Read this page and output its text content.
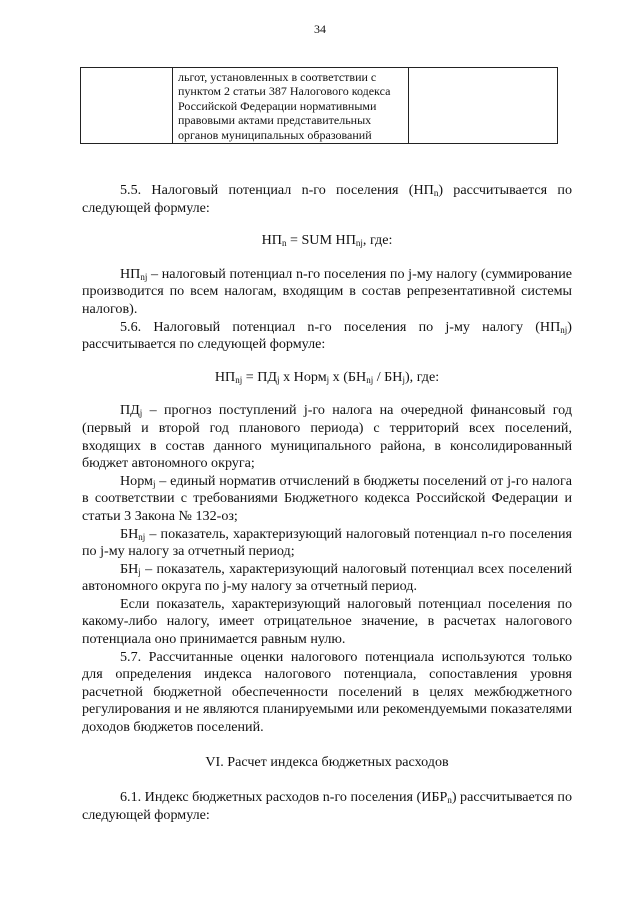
34
	льгот, установленных в соответствии с пунктом 2 статьи 387 Налогового кодекса Российской Федерации нормативными правовыми актами представительных органов муниципальных образований	

5.5. Налоговый потенциал n-го поселения $(НП_n)$ рассчитывается по следующей формуле:

$НП_n$ = SUM $НП_{nj}$, где:

$НП_{nj}$ – налоговый потенциал n-го поселения по j-му налогу (суммирование производится по всем налогам, входящим в состав репрезентативной системы налогов).

5.6. Налоговый потенциал n-го поселения по j-му налогу $(НП_{nj})$ рассчитывается по следующей формуле:

$НП_{nj} = ПД_j$ х Норм$_j$ х $(БН_{nj} / БН_j)$, где:

$ПД_j$ – прогноз поступлений j-го налога на очередной финансовый год (первый и второй год планового периода) с территорий всех поселений, входящих в состав данного муниципального района, в консолидированный бюджет автономного округа;

Норм$_j$ – единый норматив отчислений в бюджеты поселений от j-го налога в соответствии с требованиями Бюджетного кодекса Российской Федерации и статьи 3 Закона № 132-оз;

$БН_{nj}$ – показатель, характеризующий налоговый потенциал n-го поселения по j-му налогу за отчетный период;

$БН_j$ – показатель, характеризующий налоговый потенциал всех поселений автономного округа по j-му налогу за отчетный период.

Если показатель, характеризующий налоговый потенциал поселения по какому-либо налогу, имеет отрицательное значение, в расчетах налогового потенциала оно принимается равным нулю.

5.7. Рассчитанные оценки налогового потенциала используются только для определения индекса налогового потенциала, сопоставления уровня расчетной бюджетной обеспеченности поселений в целях межбюджетного регулирования и не являются планируемыми или рекомендуемыми показателями доходов бюджетов поселений.

VI. Расчет индекса бюджетных расходов

6.1. Индекс бюджетных расходов n-го поселения $(ИБР_n)$ рассчитывается по следующей формуле:
